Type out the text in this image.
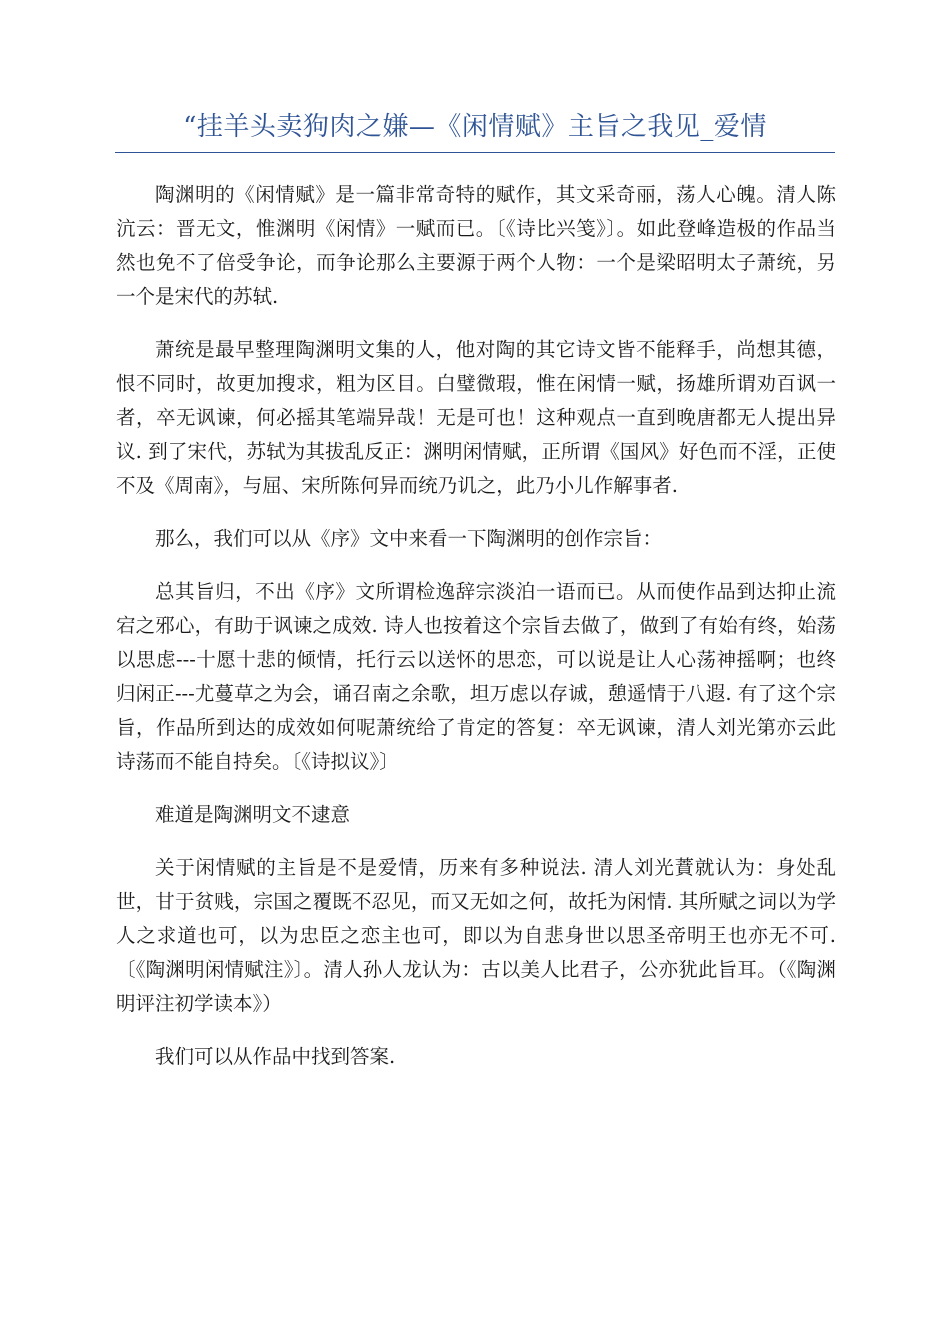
“挂羊头卖狗肉之嫌—《闲情赋》主旨之我见_爱情

陶渊明的《闲情赋》是一篇非常奇特的赋作，其文采奇丽，荡人心魄。清人陈沆云：晋无文，惟渊明《闲情》一赋而已。〔《诗比兴笺》〕。如此登峰造极的作品当然也免不了倍受争论，而争论那么主要源于两个人物：一个是梁昭明太子萧统，另一个是宋代的苏轼.

萧统是最早整理陶渊明文集的人，他对陶的其它诗文皆不能释手，尚想其德，恨不同时，故更加搜求，粗为区目。白璧微瑕，惟在闲情一赋，扬雄所谓劝百讽一者，卒无讽谏，何必摇其笔端异哉！无是可也！这种观点一直到晚唐都无人提出异议. 到了宋代，苏轼为其拔乱反正：渊明闲情赋，正所谓《国风》好色而不淫，正使不及《周南》，与屈、宋所陈何异而统乃讥之，此乃小儿作解事者.

那么，我们可以从《序》文中来看一下陶渊明的创作宗旨：

总其旨归，不出《序》文所谓检逸辞宗淡泊一语而已。从而使作品到达抑止流宕之邪心，有助于讽谏之成效. 诗人也按着这个宗旨去做了，做到了有始有终，始荡以思虑---十愿十悲的倾情，托行云以送怀的思恋，可以说是让人心荡神摇啊；也终归闲正---尤蔓草之为会，诵召南之余歌，坦万虑以存诚，憩遥情于八遐. 有了这个宗旨，作品所到达的成效如何呢萧统给了肯定的答复：卒无讽谏，清人刘光第亦云此诗荡而不能自持矣。〔《诗拟议》〕

难道是陶渊明文不逮意

关于闲情赋的主旨是不是爱情，历来有多种说法. 清人刘光蕡就认为：身处乱世，甘于贫贱，宗国之覆既不忍见，而又无如之何，故托为闲情. 其所赋之词以为学人之求道也可，以为忠臣之恋主也可，即以为自悲身世以思圣帝明王也亦无不可.〔《陶渊明闲情赋注》〕。清人孙人龙认为：古以美人比君子，公亦犹此旨耳。（《陶渊明评注初学读本》）

我们可以从作品中找到答案.
